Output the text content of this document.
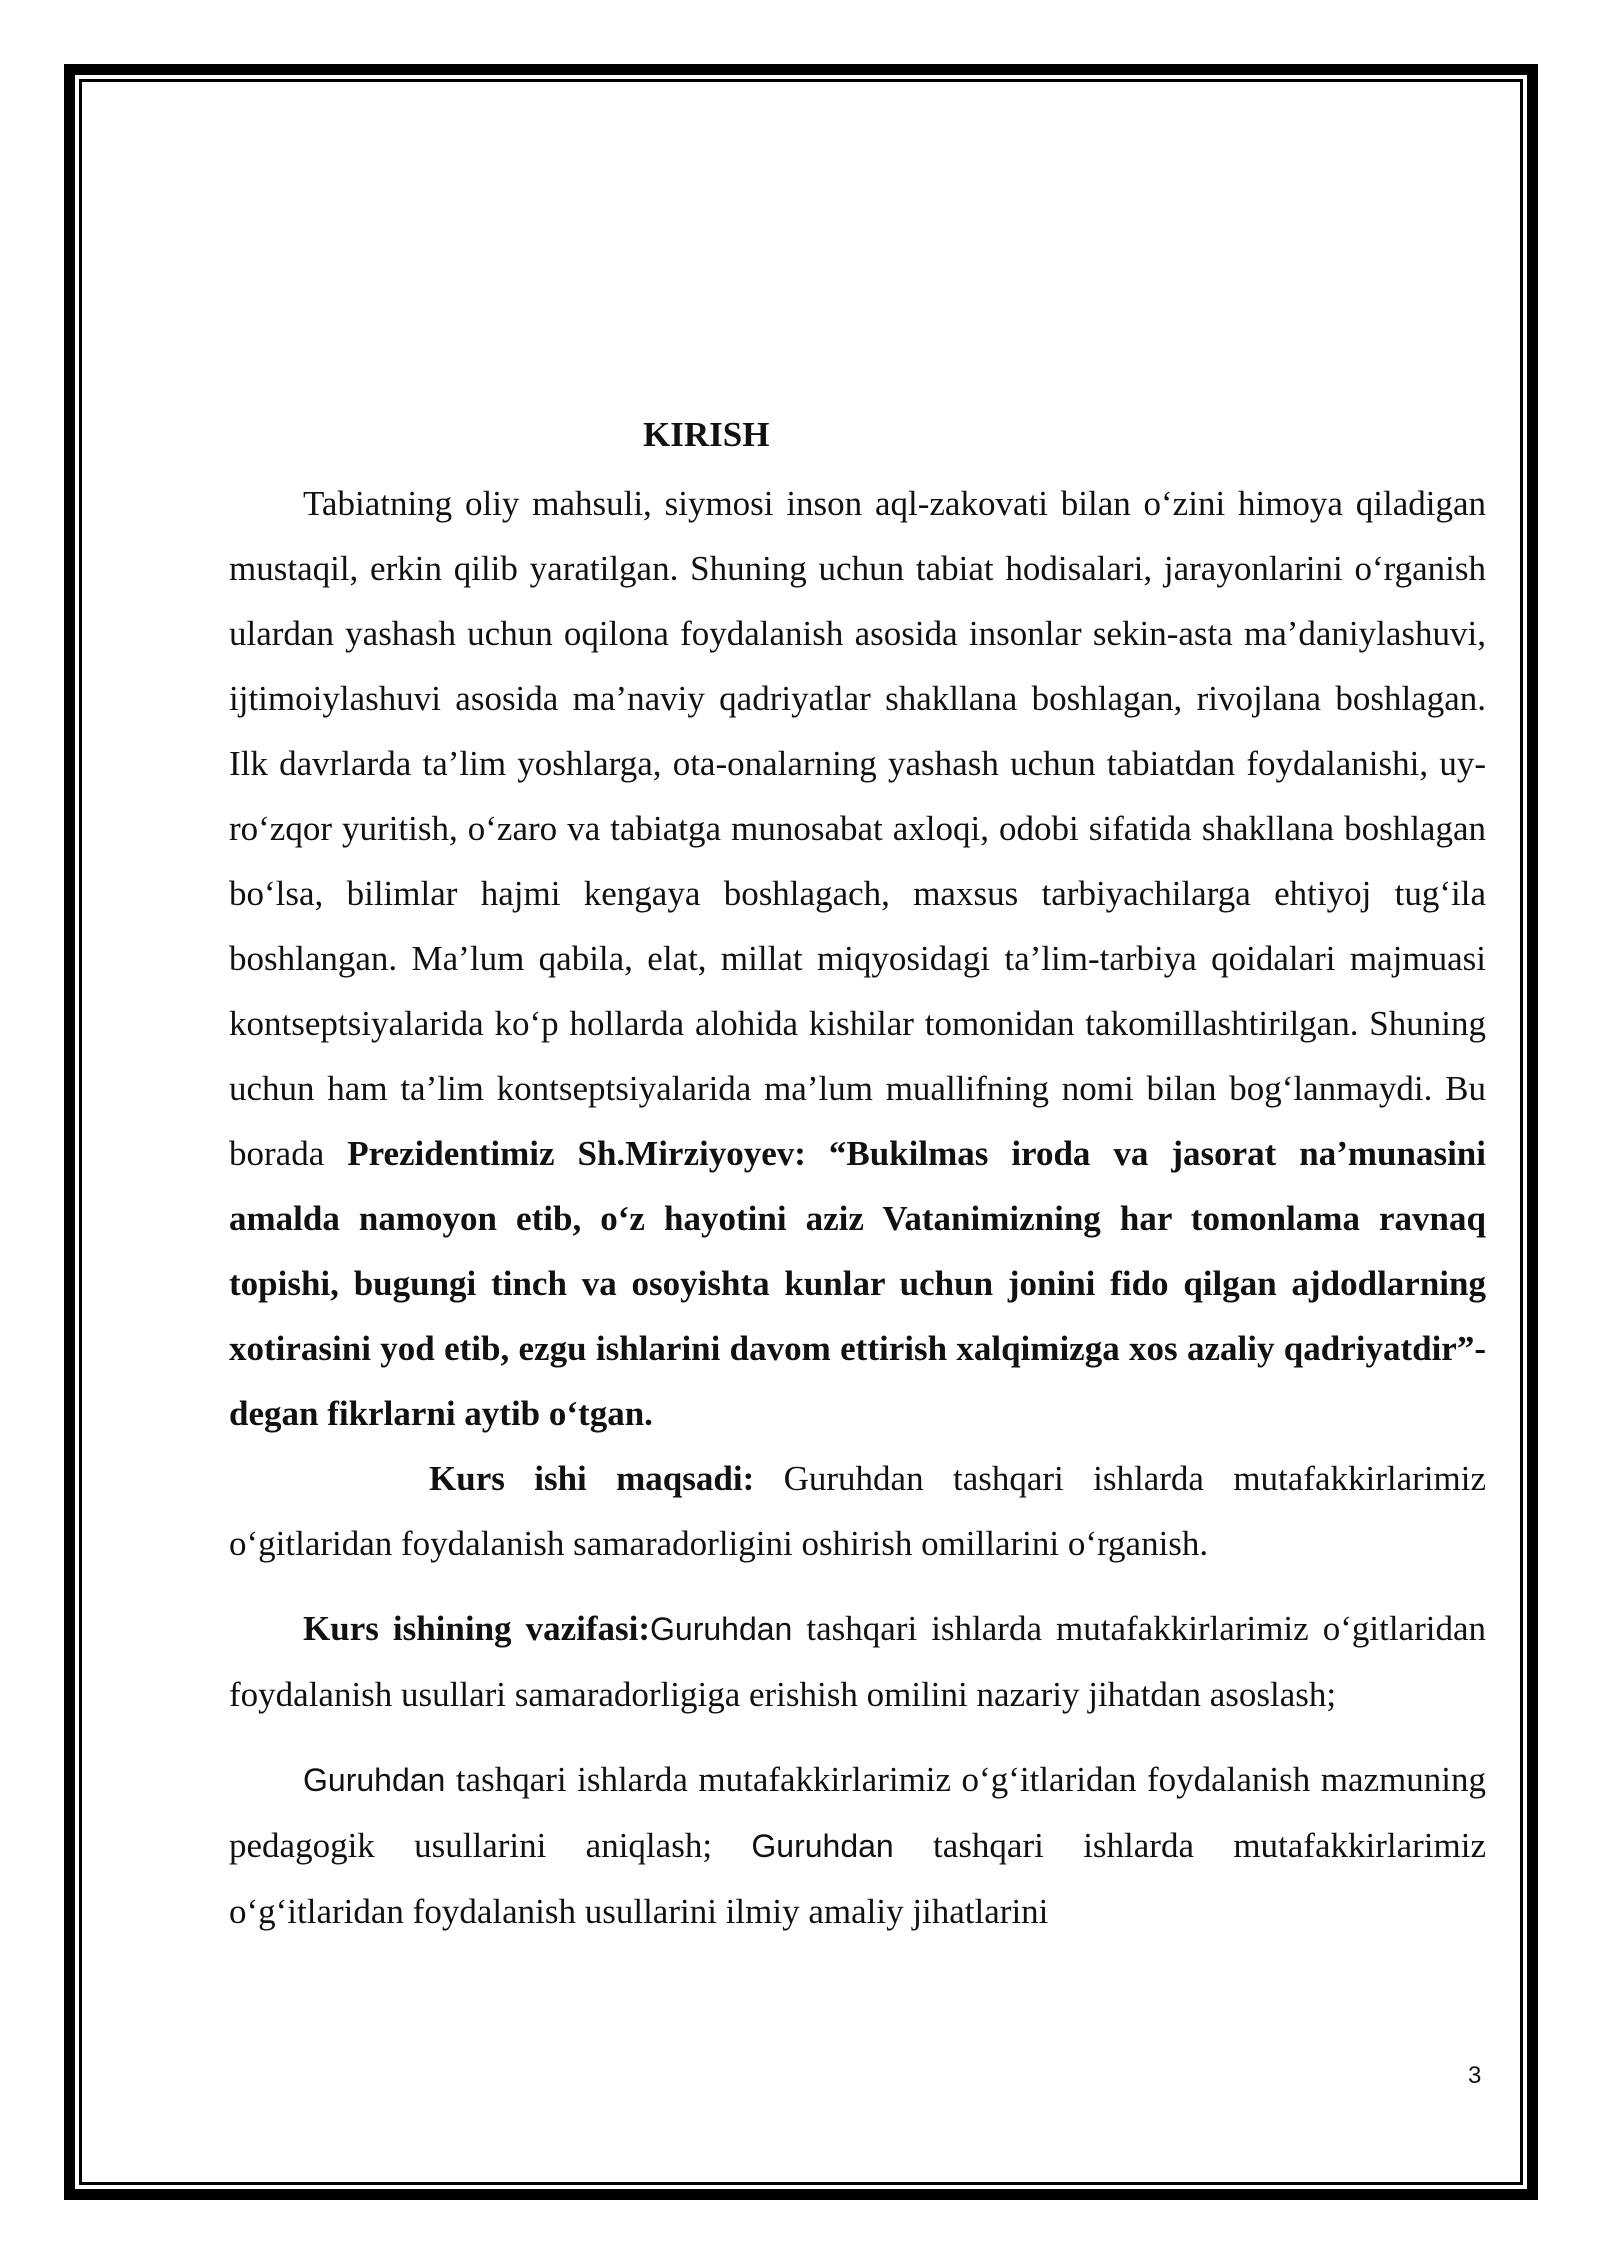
KIRISH

Tabiatning oliy mahsuli, siymosi inson aql-zakovati bilan o‘zini himoya qiladigan mustaqil, erkin qilib yaratilgan. Shuning uchun tabiat hodisalari, jarayonlarini o‘rganish ulardan yashash uchun oqilona foydalanish asosida insonlar sekin-asta ma’daniylashuvi, ijtimoiylashuvi asosida ma’naviy qadriyatlar shakllana boshlagan, rivojlana boshlagan. Ilk davrlarda ta’lim yoshlarga, ota-onalarning yashash uchun tabiatdan foydalanishi, uy-ro‘zqor yuritish, o‘zaro va tabiatga munosabat axloqi, odobi sifatida shakllana boshlagan bo‘lsa, bilimlar hajmi kengaya boshlagach, maxsus tarbiyachilarga ehtiyoj tug‘ila boshlangan. Ma’lum qabila, elat, millat miqyosidagi ta’lim-tarbiya qoidalari majmuasi kontseptsiyalarida ko‘p hollarda alohida kishilar tomonidan takomillashtirilgan. Shuning uchun ham ta’lim kontseptsiyalarida ma’lum muallifning nomi bilan bog‘lanmaydi. Bu borada Prezidentimiz Sh.Mirziyoyev: “Bukilmas iroda va jasorat na’munasini amalda namoyon etib, o‘z hayotini aziz Vatanimizning har tomonlama ravnaq topishi, bugungi tinch va osoyishta kunlar uchun jonini fido qilgan ajdodlarning xotirasini yod etib, ezgu ishlarini davom ettirish xalqimizga xos azaliy qadriyatdir”-degan fikrlarni aytib o‘tgan.

Kurs ishi maqsadi: Guruhdan tashqari ishlarda mutafakkirlarimiz o‘gitlaridan foydalanish samaradorligini oshirish omillarini o‘rganish.

Kurs ishining vazifasi:Guruhdan tashqari ishlarda mutafakkirlarimiz o‘gitlaridan foydalanish usullari samaradorligiga erishish omilini nazariy jihatdan asoslash;

Guruhdan tashqari ishlarda mutafakkirlarimiz o‘g‘itlaridan foydalanish mazmuning pedagogik usullarini aniqlash; Guruhdan tashqari ishlarda mutafakkirlarimiz o‘g‘itlaridan foydalanish usullarini ilmiy amaliy jihatlarini

3
